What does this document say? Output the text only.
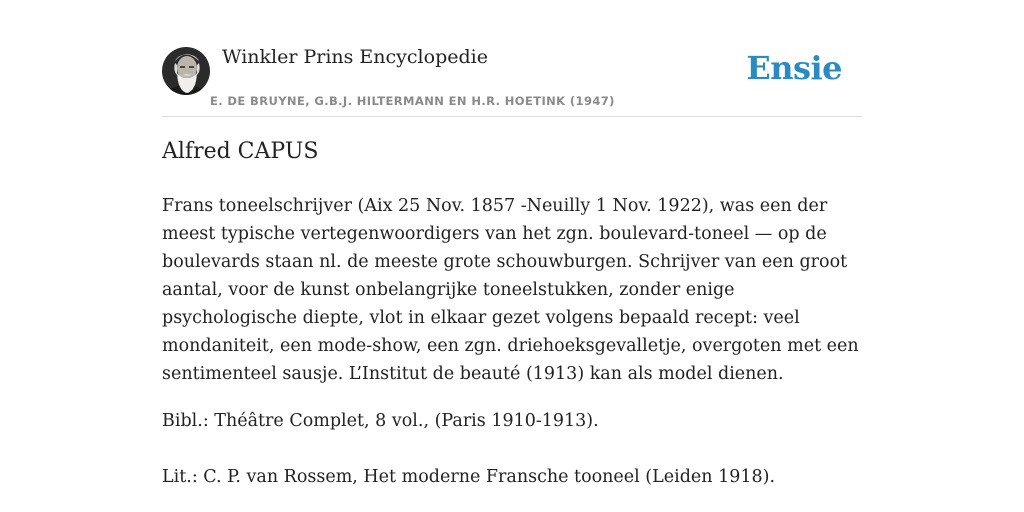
Winkler Prins Encyclopedie
E. DE BRUYNE, G.B.J. HILTERMANN EN H.R. HOETINK (1947)
Ensie
Alfred CAPUS

Frans toneelschrijver (Aix 25 Nov. 1857 -Neuilly 1 Nov. 1922), was een der meest typische vertegenwoordigers van het zgn. boulevard-toneel — op de boulevards staan nl. de meeste grote schouwburgen. Schrijver van een groot aantal, voor de kunst onbelangrijke toneelstukken, zonder enige psychologische diepte, vlot in elkaar gezet volgens bepaald recept: veel mondaniteit, een mode-show, een zgn. driehoeksgevalletje, overgoten met een sentimenteel sausje. L’Institut de beauté (1913) kan als model dienen.

Bibl.: Théâtre Complet, 8 vol., (Paris 1910-1913).

Lit.: C. P. van Rossem, Het moderne Fransche tooneel (Leiden 1918).
